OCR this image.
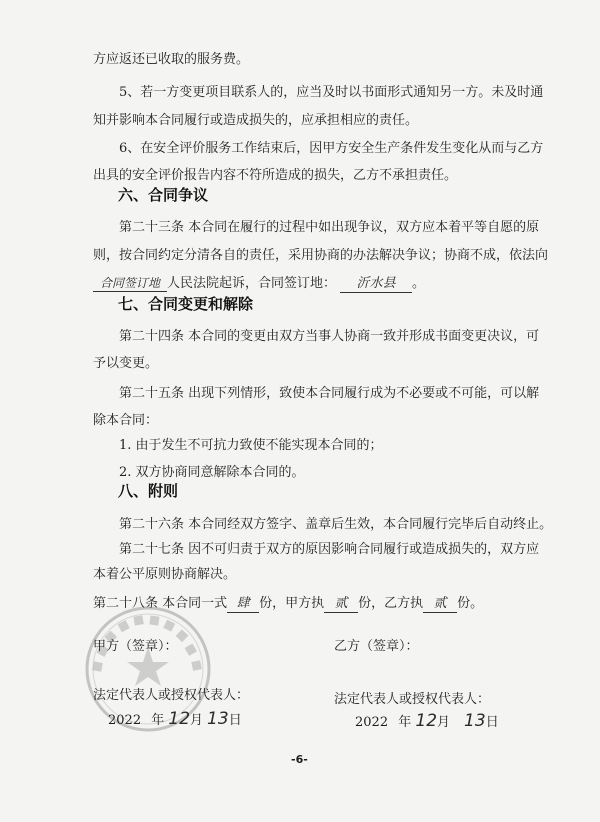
方应返还已收取的服务费。
5、若一方变更项目联系人的，应当及时以书面形式通知另一方。未及时通
知并影响本合同履行或造成损失的，应承担相应的责任。
6、在安全评价服务工作结束后，因甲方安全生产条件发生变化从而与乙方
出具的安全评价报告内容不符所造成的损失，乙方不承担责任。
六、合同争议
第二十三条 本合同在履行的过程中如出现争议，双方应本着平等自愿的原
则，按合同约定分清各自的责任，采用协商的办法解决争议；协商不成，依法向
合同签订地 人民法院起诉，合同签订地： 沂水县 。
七、合同变更和解除
第二十四条 本合同的变更由双方当事人协商一致并形成书面变更决议，可
予以变更。
第二十五条 出现下列情形，致使本合同履行成为不必要或不可能，可以解
除本合同：
1. 由于发生不可抗力致使不能实现本合同的；
2. 双方协商同意解除本合同的。
八、附则
第二十六条 本合同经双方签字、盖章后生效，本合同履行完毕后自动终止。
第二十七条 因不可归责于双方的原因影响合同履行或造成损失的，双方应
本着公平原则协商解决。
第二十八条 本合同一式 肆 份，甲方执 贰 份，乙方执 贰 份。
甲方（签章）：	乙方（签章）：
法定代表人或授权代表人：	法定代表人或授权代表人：
2022 年 12月 13日	2022 年 12月 13日
-6-
